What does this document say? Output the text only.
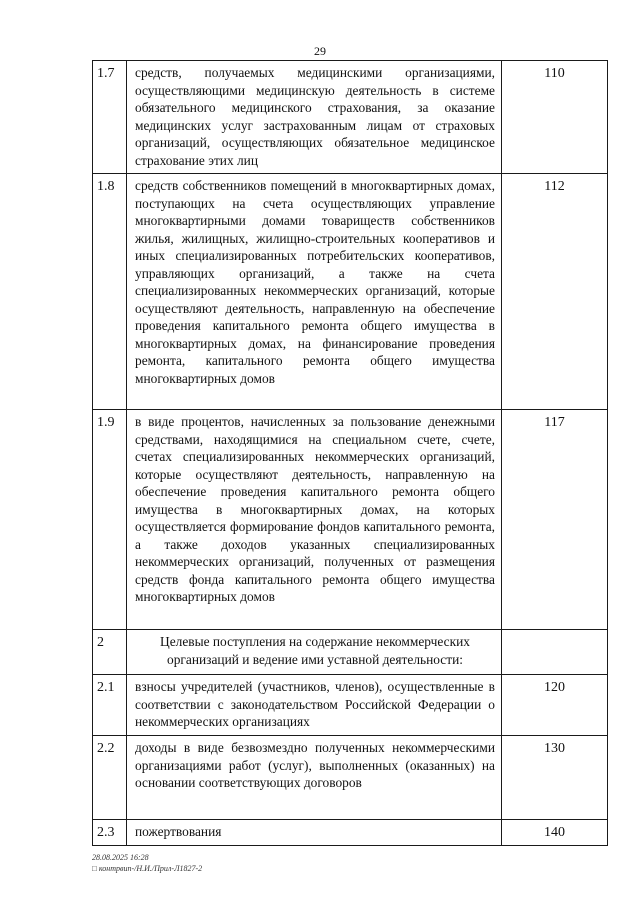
29
1.7	средств, получаемых медицинскими организациями, осуществляющими медицинскую деятельность в системе обязательного медицинского страхования, за оказание медицинских услуг застрахованным лицам от страховых организаций, осуществляющих обязательное медицинское страхование этих лиц	110
1.8	средств собственников помещений в многоквартирных домах, поступающих на счета осуществляющих управление многоквартирными домами товариществ собственников жилья, жилищных, жилищно-строительных кооперативов и иных специализированных потребительских кооперативов, управляющих организаций, а также на счета специализированных некоммерческих организаций, которые осуществляют деятельность, направленную на обеспечение проведения капитального ремонта общего имущества в многоквартирных домах, на финансирование проведения ремонта, капитального ремонта общего имущества многоквартирных домов	112
1.9	в виде процентов, начисленных за пользование денежными средствами, находящимися на специальном счете, счете, счетах специализированных некоммерческих организаций, которые осуществляют деятельность, направленную на обеспечение проведения капитального ремонта общего имущества в многоквартирных домах, на которых осуществляется формирование фондов капитального ремонта, а также доходов указанных специализированных некоммерческих организаций, полученных от размещения средств фонда капитального ремонта общего имущества многоквартирных домов	117
2	Целевые поступления на содержание некоммерческих организаций и ведение ими уставной деятельности:	
2.1	взносы учредителей (участников, членов), осуществленные в соответствии с законодательством Российской Федерации о некоммерческих организациях	120
2.2	доходы в виде безвозмездно полученных некоммерческими организациями работ (услуг), выполненных (оказанных) на основании соответствующих договоров	130
2.3	пожертвования	140
28.08.2025 16:28
□ контрвип-/Н.И./Прил-Л1827-2
